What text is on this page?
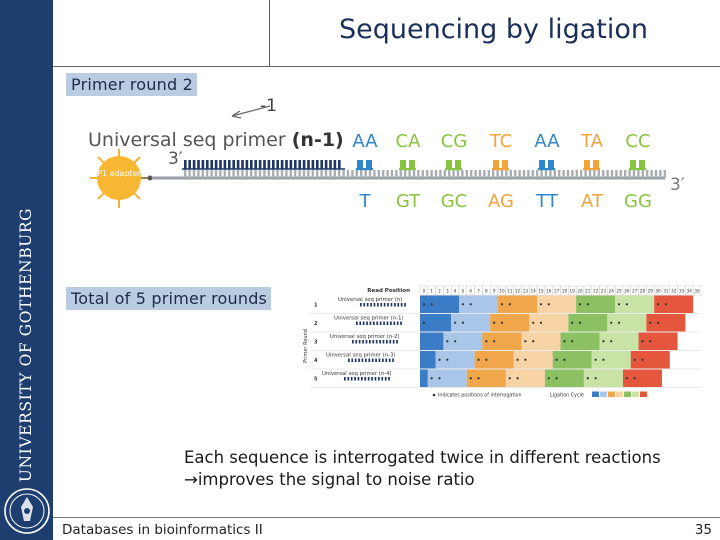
UNIVERSITY OF GOTHENBURG
Sequencing by ligation
Primer round 2
-1
Universal seq primer (n-1)
3′
P1 adapter
AA CA CG TC AA TA CC
T GT GC AG TT AT GG
3′
Total of 5 primer rounds	Read Position	0 1 2 3 4 5 6 7 8 9 10 11 12 13 14 15 16 17 18 19 20 21 22 23 24 25 26 27 28 29 30 31 32 33 34 35
Primer Round
1
Universal seq primer (n)
2
Universal seq primer (n-1)
3
Universal seq primer (n-2)
4
Universal seq primer (n-3)
5
Universal seq primer (n-4)
Indicates positions of interrogation	Ligation Cycle
Each sequence is interrogated twice in different reactions
→improves the signal to noise ratio
Databases in bioinformatics II	35
